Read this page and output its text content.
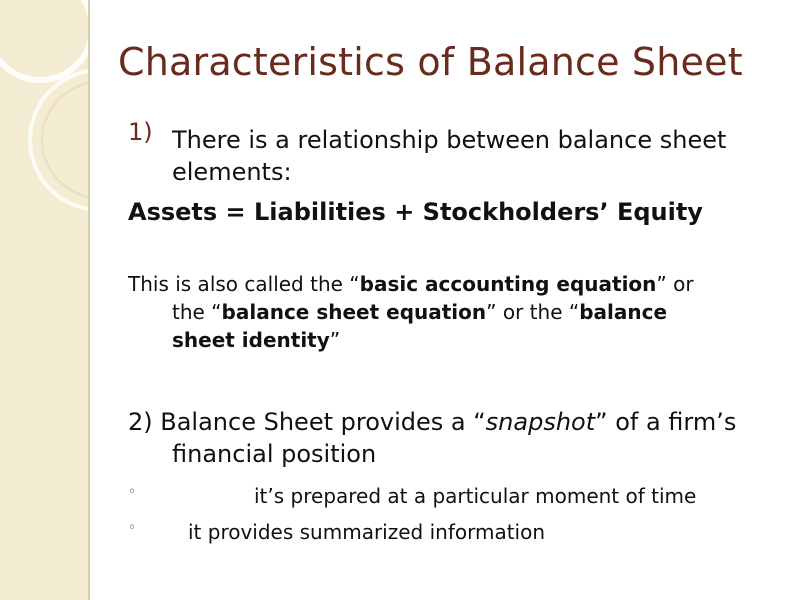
Characteristics of Balance Sheet
1) There is a relationship between balance sheet elements:
Assets = Liabilities + Stockholders’ Equity
This is also called the “basic accounting equation” or
the “balance sheet equation” or the “balance
sheet identity”
2) Balance Sheet provides a “snapshot” of a firm’s
financial position
◦	it’s prepared at a particular moment of time
◦	it provides summarized information
